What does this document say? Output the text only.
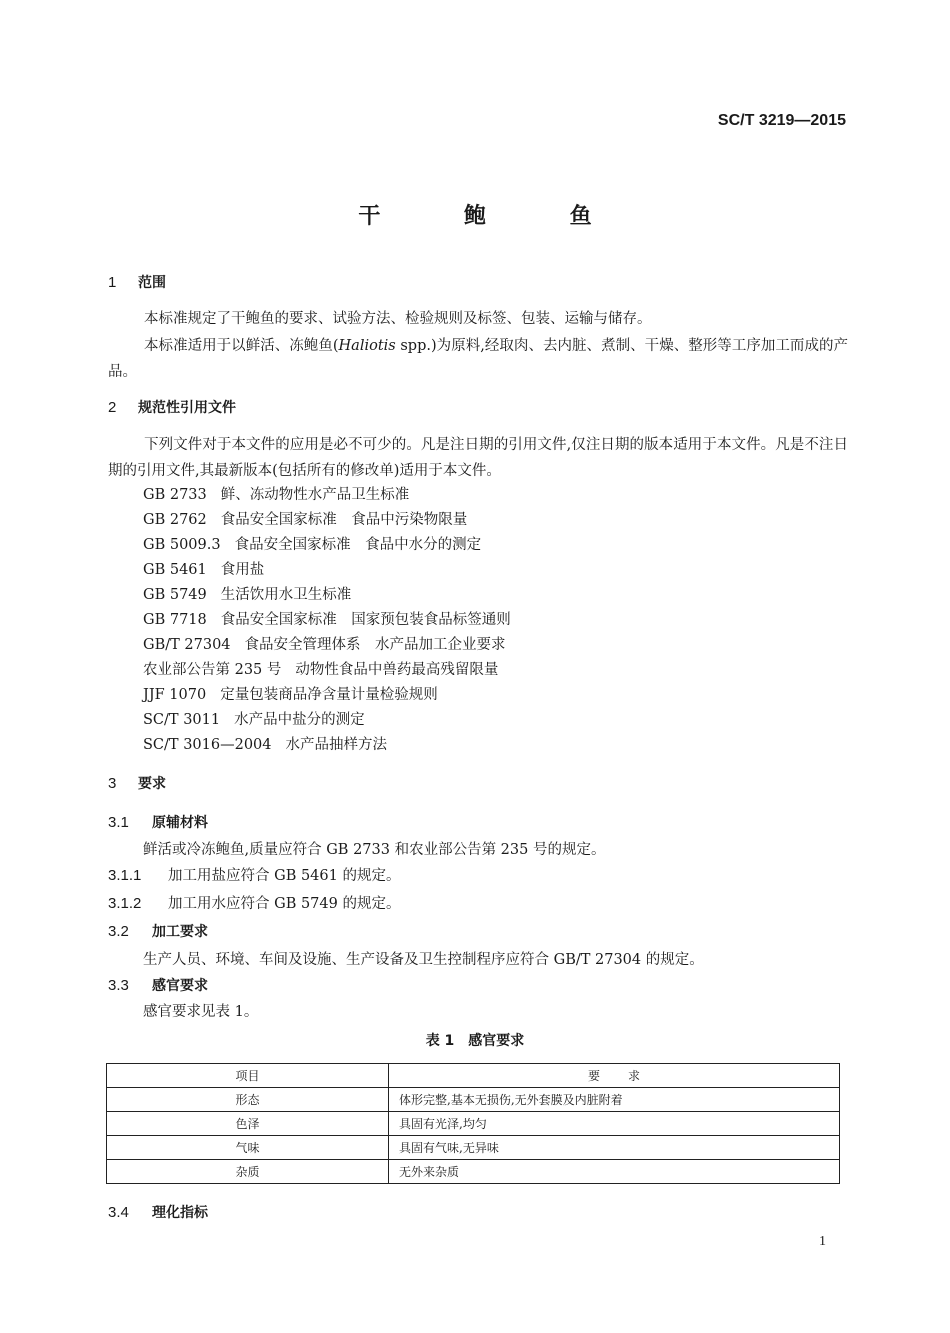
SC/T 3219—2015
干 鲍 鱼
1 范围
本标准规定了干鲍鱼的要求、试验方法、检验规则及标签、包装、运输与储存。
本标准适用于以鲜活、冻鲍鱼(Haliotis spp.)为原料,经取肉、去内脏、煮制、干燥、整形等工序加工而成的产品。
2 规范性引用文件
下列文件对于本文件的应用是必不可少的。凡是注日期的引用文件,仅注日期的版本适用于本文件。凡是不注日期的引用文件,其最新版本(包括所有的修改单)适用于本文件。
GB 2733 鲜、冻动物性水产品卫生标准
GB 2762 食品安全国家标准　食品中污染物限量
GB 5009.3 食品安全国家标准　食品中水分的测定
GB 5461 食用盐
GB 5749 生活饮用水卫生标准
GB 7718 食品安全国家标准　国家预包装食品标签通则
GB/T 27304 食品安全管理体系　水产品加工企业要求
农业部公告第 235 号 动物性食品中兽药最高残留限量
JJF 1070 定量包装商品净含量计量检验规则
SC/T 3011 水产品中盐分的测定
SC/T 3016—2004 水产品抽样方法
3 要求
3.1 原辅材料
鲜活或冷冻鲍鱼,质量应符合 GB 2733 和农业部公告第 235 号的规定。
3.1.1 加工用盐应符合 GB 5461 的规定。
3.1.2 加工用水应符合 GB 5749 的规定。
3.2 加工要求
生产人员、环境、车间及设施、生产设备及卫生控制程序应符合 GB/T 27304 的规定。
3.3 感官要求
感官要求见表 1。
表 1　感官要求
项目	要求
形态	体形完整,基本无损伤,无外套膜及内脏附着
色泽	具固有光泽,均匀
气味	具固有气味,无异味
杂质	无外来杂质
3.4 理化指标
1
